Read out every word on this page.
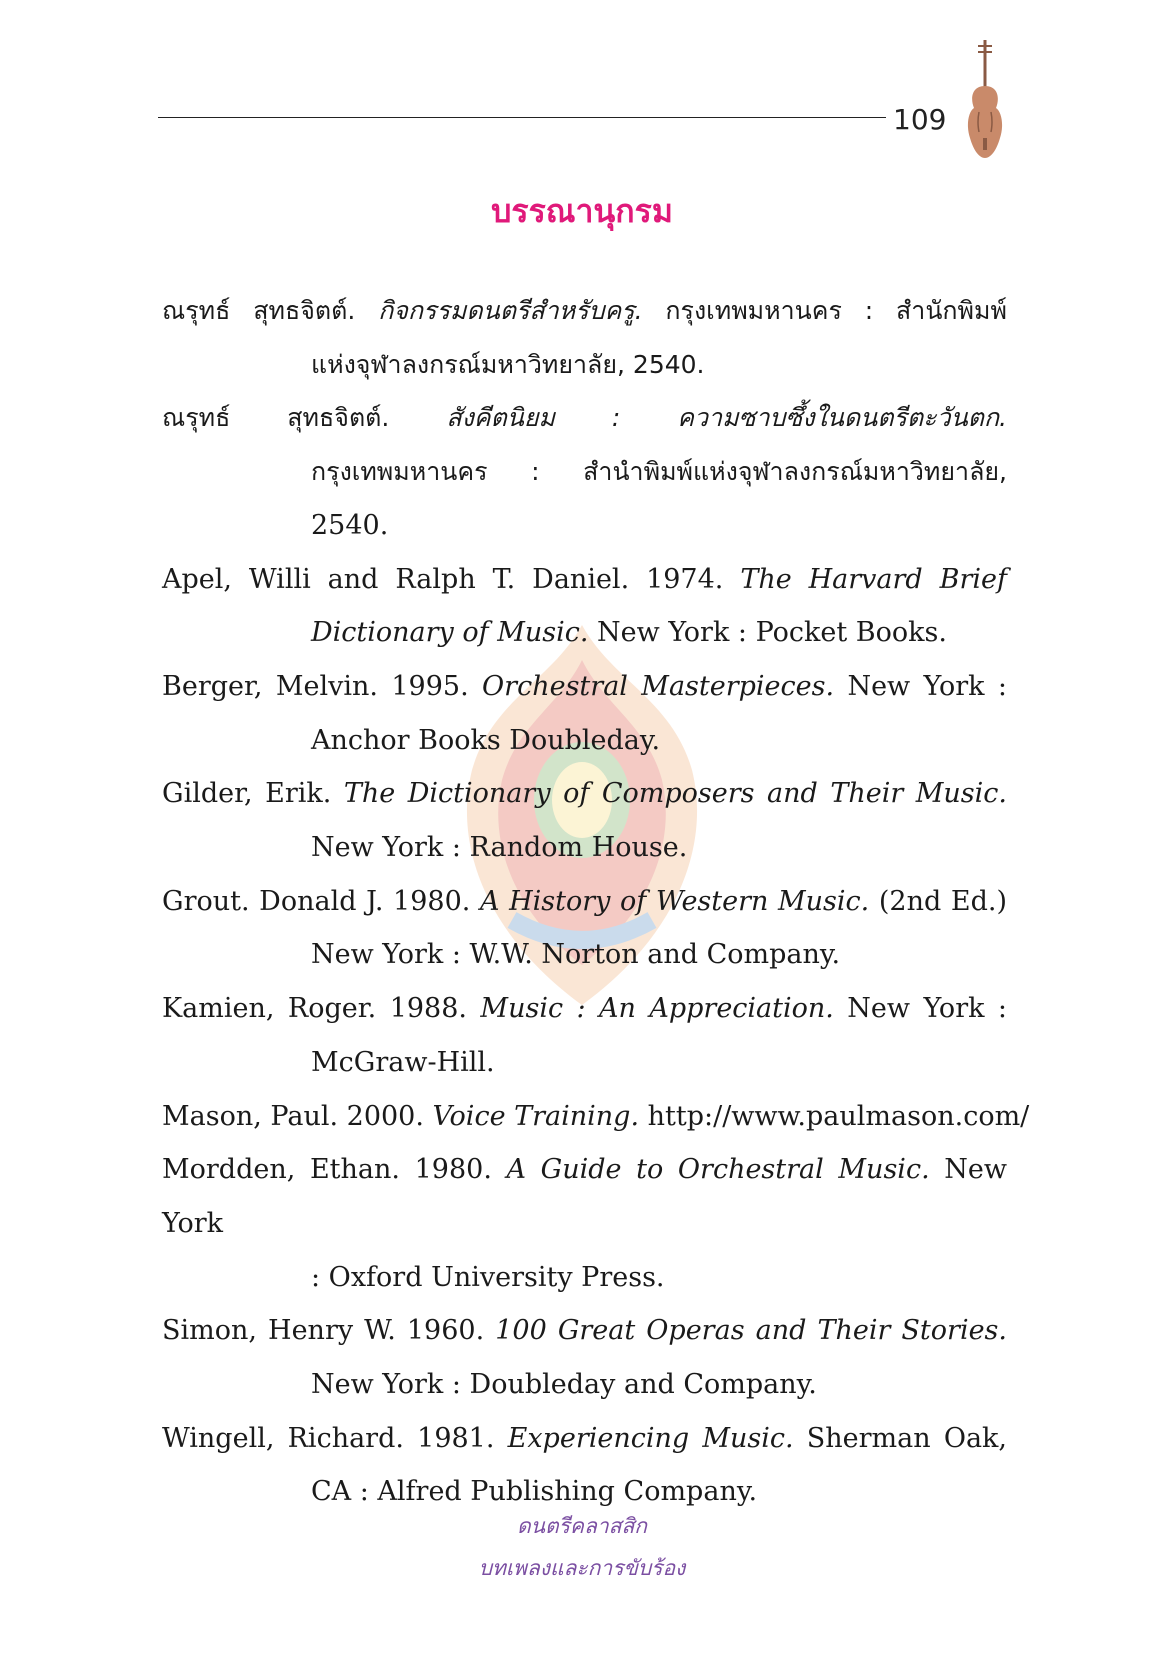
109
บรรณานุกรม
ณรุทธ์ สุทธจิตต์. กิจกรรมดนตรีสำหรับครู. กรุงเทพมหานคร : สำนักพิมพ์
แห่งจุฬาลงกรณ์มหาวิทยาลัย, 2540.
ณรุทธ์ สุทธจิตต์. สังคีตนิยม : ความซาบซึ้งในดนตรีตะวันตก.
กรุงเทพมหานคร : สำนำพิมพ์แห่งจุฬาลงกรณ์มหาวิทยาลัย,
2540.
Apel, Willi and Ralph T. Daniel. 1974. The Harvard Brief
Dictionary of Music. New York : Pocket Books.
Berger, Melvin. 1995. Orchestral Masterpieces. New York :
Anchor Books Doubleday.
Gilder, Erik. The Dictionary of Composers and Their Music.
New York : Random House.
Grout. Donald J. 1980. A History of Western Music. (2nd Ed.)
New York : W.W. Norton and Company.
Kamien, Roger. 1988. Music : An Appreciation. New York :
McGraw-Hill.
Mason, Paul. 2000. Voice Training. http://www.paulmason.com/
Mordden, Ethan. 1980. A Guide to Orchestral Music. New York
: Oxford University Press.
Simon, Henry W. 1960. 100 Great Operas and Their Stories.
New York : Doubleday and Company.
Wingell, Richard. 1981. Experiencing Music. Sherman Oak,
CA : Alfred Publishing Company.
ดนตรีคลาสสิก
บทเพลงและการขับร้อง
